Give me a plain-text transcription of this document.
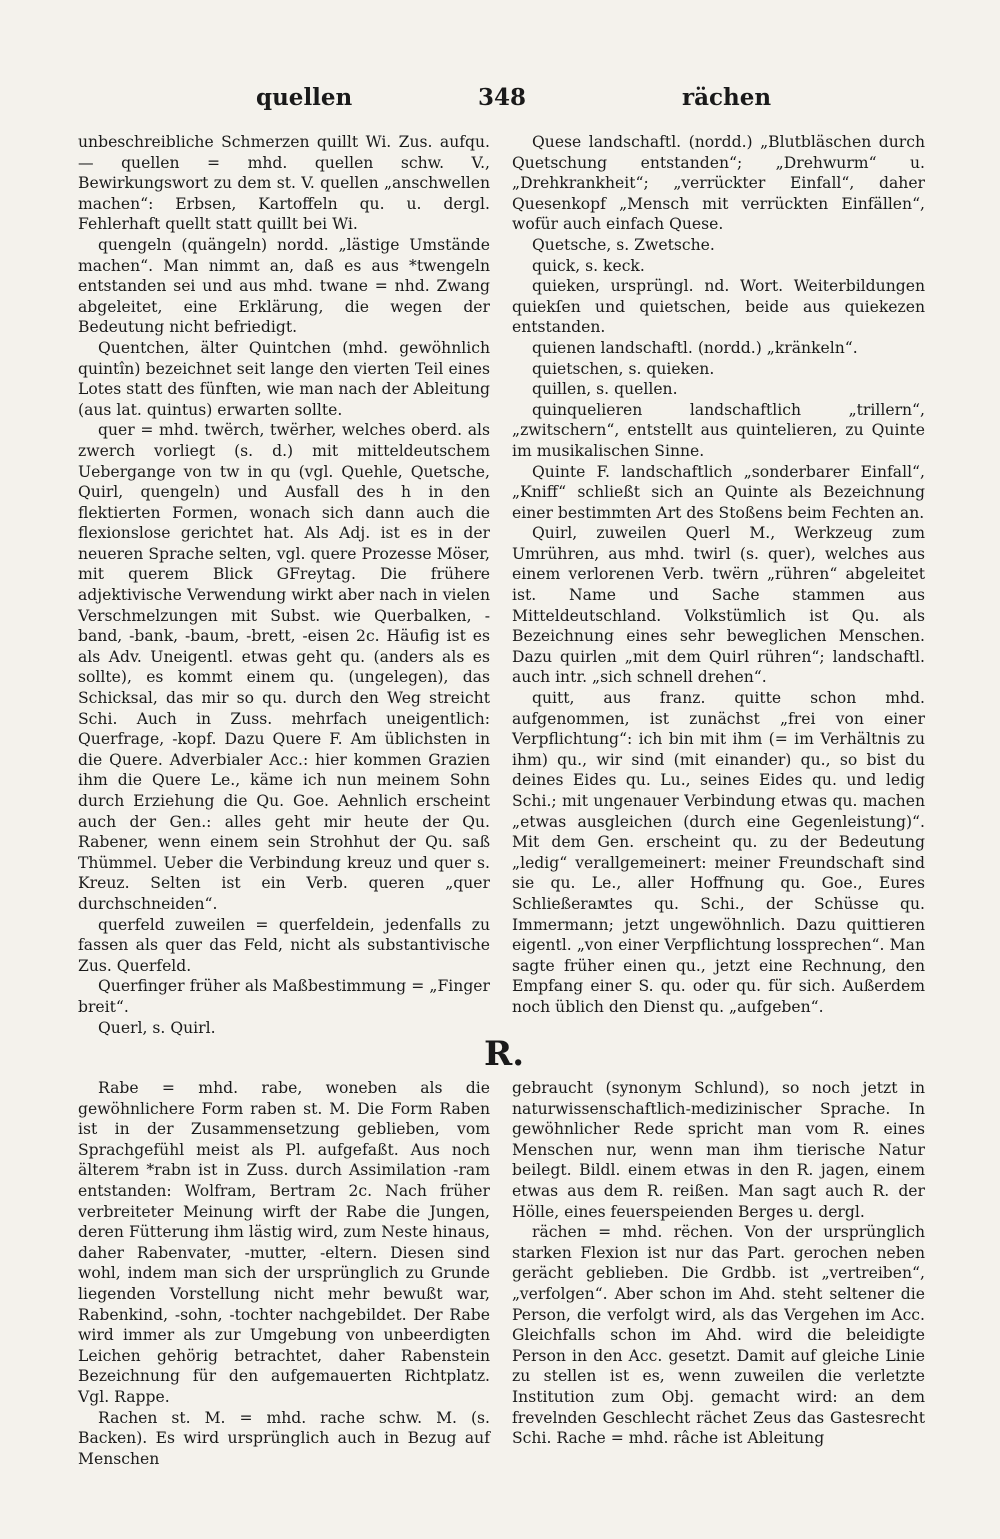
quellen	348	rächen

unbeschreibliche Schmerzen quillt Wi. Zus. aufqu. — quellen = mhd. quellen schw. V., Bewirkungswort zu dem st. V. quellen „anschwellen machen“: Erbsen, Kartoffeln qu. u. dergl. Fehlerhaft quellt statt quillt bei Wi.

quengeln (quängeln) nordd. „lästige Umstände machen“. Man nimmt an, daß es aus *twengeln entstanden sei und aus mhd. twane = nhd. Zwang abgeleitet, eine Erklärung, die wegen der Bedeutung nicht befriedigt.

Quentchen, älter Quintchen (mhd. gewöhnlich quintîn) bezeichnet seit lange den vierten Teil eines Lotes statt des fünften, wie man nach der Ableitung (aus lat. quintus) erwarten sollte.

quer = mhd. twërch, twërher, welches oberd. als zwerch vorliegt (s. d.) mit mitteldeutschem Uebergange von tw in qu (vgl. Quehle, Quetsche, Quirl, quengeln) und Ausfall des h in den flektierten Formen, wonach sich dann auch die flexionslose gerichtet hat. Als Adj. ist es in der neueren Sprache selten, vgl. quere Prozesse Möser, mit querem Blick GFreytag. Die frühere adjektivische Verwendung wirkt aber nach in vielen Verschmelzungen mit Subst. wie Querbalken, -band, -bank, -baum, -brett, -eisen 2c. Häufig ist es als Adv. Uneigentl. etwas geht qu. (anders als es sollte), es kommt einem qu. (ungelegen), das Schicksal, das mir so qu. durch den Weg streicht Schi. Auch in Zuss. mehrfach uneigentlich: Querfrage, -kopf. Dazu Quere F. Am üblichsten in die Quere. Adverbialer Acc.: hier kommen Grazien ihm die Quere Le., käme ich nun meinem Sohn durch Erziehung die Qu. Goe. Aehnlich erscheint auch der Gen.: alles geht mir heute der Qu. Rabener, wenn einem sein Strohhut der Qu. saß Thümmel. Ueber die Verbindung kreuz und quer s. Kreuz. Selten ist ein Verb. queren „quer durchschneiden“.

querfeld zuweilen = querfeldein, jedenfalls zu fassen als quer das Feld, nicht als substantivische Zus. Querfeld.

Querfinger früher als Maßbestimmung = „Finger breit“.

Querl, s. Quirl.

Quese landschaftl. (nordd.) „Blutbläschen durch Quetschung entstanden“; „Drehwurm“ u. „Drehkrankheit“; „verrückter Einfall“, daher Quesenkopf „Mensch mit verrückten Einfällen“, wofür auch einfach Quese.

Quetsche, s. Zwetsche.

quick, s. keck.

quieken, ursprüngl. nd. Wort. Weiterbildungen quiekſen und quietschen, beide aus quiekezen entstanden.

quienen landschaftl. (nordd.) „kränkeln“.

quietschen, s. quieken.

quillen, s. quellen.

quinquelieren landschaftlich „trillern“, „zwitschern“, entstellt aus quintelieren, zu Quinte im musikalischen Sinne.

Quinte F. landschaftlich „sonderbarer Einfall“, „Kniff“ schließt sich an Quinte als Bezeichnung einer bestimmten Art des Stoßens beim Fechten an.

Quirl, zuweilen Querl M., Werkzeug zum Umrühren, aus mhd. twirl (s. quer), welches aus einem verlorenen Verb. twërn „rühren“ abgeleitet ist. Name und Sache stammen aus Mitteldeutschland. Volkstümlich ist Qu. als Bezeichnung eines sehr beweglichen Menschen. Dazu quirlen „mit dem Quirl rühren“; landschaftl. auch intr. „sich schnell drehen“.

quitt, aus franz. quitte schon mhd. aufgenommen, ist zunächst „frei von einer Verpflichtung“: ich bin mit ihm (= im Verhältnis zu ihm) qu., wir sind (mit einander) qu., so bist du deines Eides qu. Lu., seines Eides qu. und ledig Schi.; mit ungenauer Verbindung etwas qu. machen „etwas ausgleichen (durch eine Gegenleistung)“. Mit dem Gen. erscheint qu. zu der Bedeutung „ledig“ verallgemeinert: meiner Freundschaft sind sie qu. Le., aller Hoffnung qu. Goe., Eures Schließerамtes qu. Schi., der Schüsse qu. Immermann; jetzt ungewöhnlich. Dazu quittieren eigentl. „von einer Verpflichtung lossprechen“. Man sagte früher einen qu., jetzt eine Rechnung, den Empfang einer S. qu. oder qu. für sich. Außerdem noch üblich den Dienst qu. „aufgeben“.

R.

Rabe = mhd. rabe, woneben als die gewöhnlichere Form raben st. M. Die Form Raben ist in der Zusammensetzung geblieben, vom Sprachgefühl meist als Pl. aufgefaßt. Aus noch älterem *rabn ist in Zuss. durch Assimilation -ram entstanden: Wolfram, Bertram 2c. Nach früher verbreiteter Meinung wirft der Rabe die Jungen, deren Fütterung ihm lästig wird, zum Neste hinaus, daher Rabenvater, -mutter, -eltern. Diesen sind wohl, indem man sich der ursprünglich zu Grunde liegenden Vorstellung nicht mehr bewußt war, Rabenkind, -sohn, -tochter nachgebildet. Der Rabe wird immer als zur Umgebung von unbeerdigten Leichen gehörig betrachtet, daher Rabenstein Bezeichnung für den aufgemauerten Richtplatz. Vgl. Rappe.

Rachen st. M. = mhd. rache schw. M. (s. Backen). Es wird ursprünglich auch in Bezug auf Menschen

gebraucht (synonym Schlund), so noch jetzt in naturwissenschaftlich-medizinischer Sprache. In gewöhnlicher Rede spricht man vom R. eines Menschen nur, wenn man ihm tierische Natur beilegt. Bildl. einem etwas in den R. jagen, einem etwas aus dem R. reißen. Man sagt auch R. der Hölle, eines feuerspeienden Berges u. dergl.

rächen = mhd. rëchen. Von der ursprünglich starken Flexion ist nur das Part. gerochen neben gerächt geblieben. Die Grdbb. ist „vertreiben“, „verfolgen“. Aber schon im Ahd. steht seltener die Person, die verfolgt wird, als das Vergehen im Acc. Gleichfalls schon im Ahd. wird die beleidigte Person in den Acc. gesetzt. Damit auf gleiche Linie zu stellen ist es, wenn zuweilen die verletzte Institution zum Obj. gemacht wird: an dem frevelnden Geschlecht rächet Zeus das Gastesrecht Schi. Rache = mhd. râche ist Ableitung
